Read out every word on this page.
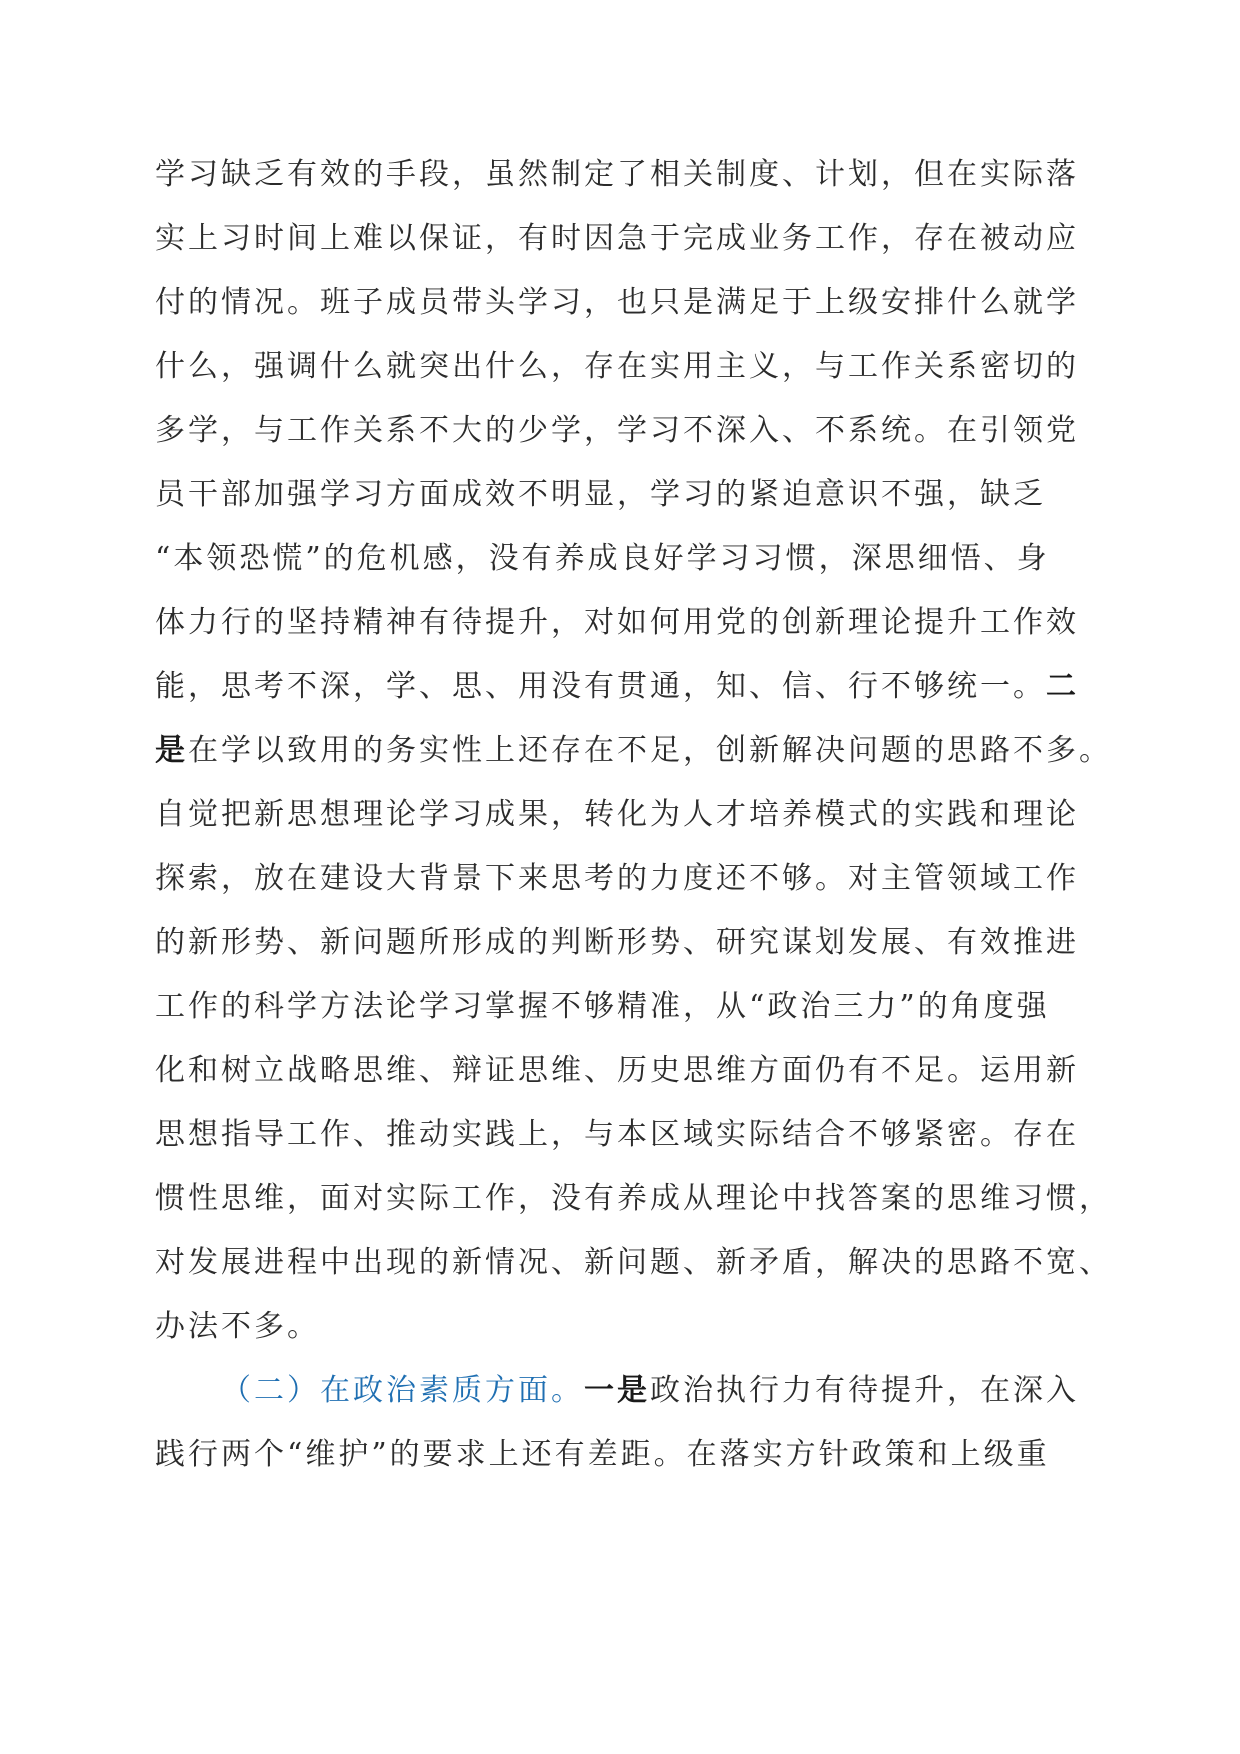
学习缺乏有效的手段，虽然制定了相关制度、计划，但在实际落
实上习时间上难以保证，有时因急于完成业务工作，存在被动应
付的情况。班子成员带头学习，也只是满足于上级安排什么就学
什么，强调什么就突出什么，存在实用主义，与工作关系密切的
多学，与工作关系不大的少学，学习不深入、不系统。在引领党
员干部加强学习方面成效不明显，学习的紧迫意识不强，缺乏
“本领恐慌”的危机感，没有养成良好学习习惯，深思细悟、身
体力行的坚持精神有待提升，对如何用党的创新理论提升工作效
能，思考不深，学、思、用没有贯通，知、信、行不够统一。二
是在学以致用的务实性上还存在不足，创新解决问题的思路不多。
自觉把新思想理论学习成果，转化为人才培养模式的实践和理论
探索，放在建设大背景下来思考的力度还不够。对主管领域工作
的新形势、新问题所形成的判断形势、研究谋划发展、有效推进
工作的科学方法论学习掌握不够精准，从“政治三力”的角度强
化和树立战略思维、辩证思维、历史思维方面仍有不足。运用新
思想指导工作、推动实践上，与本区域实际结合不够紧密。存在
惯性思维，面对实际工作，没有养成从理论中找答案的思维习惯，
对发展进程中出现的新情况、新问题、新矛盾，解决的思路不宽、
办法不多。
（二）在政治素质方面。一是政治执行力有待提升，在深入
践行两个“维护”的要求上还有差距。在落实方针政策和上级重
